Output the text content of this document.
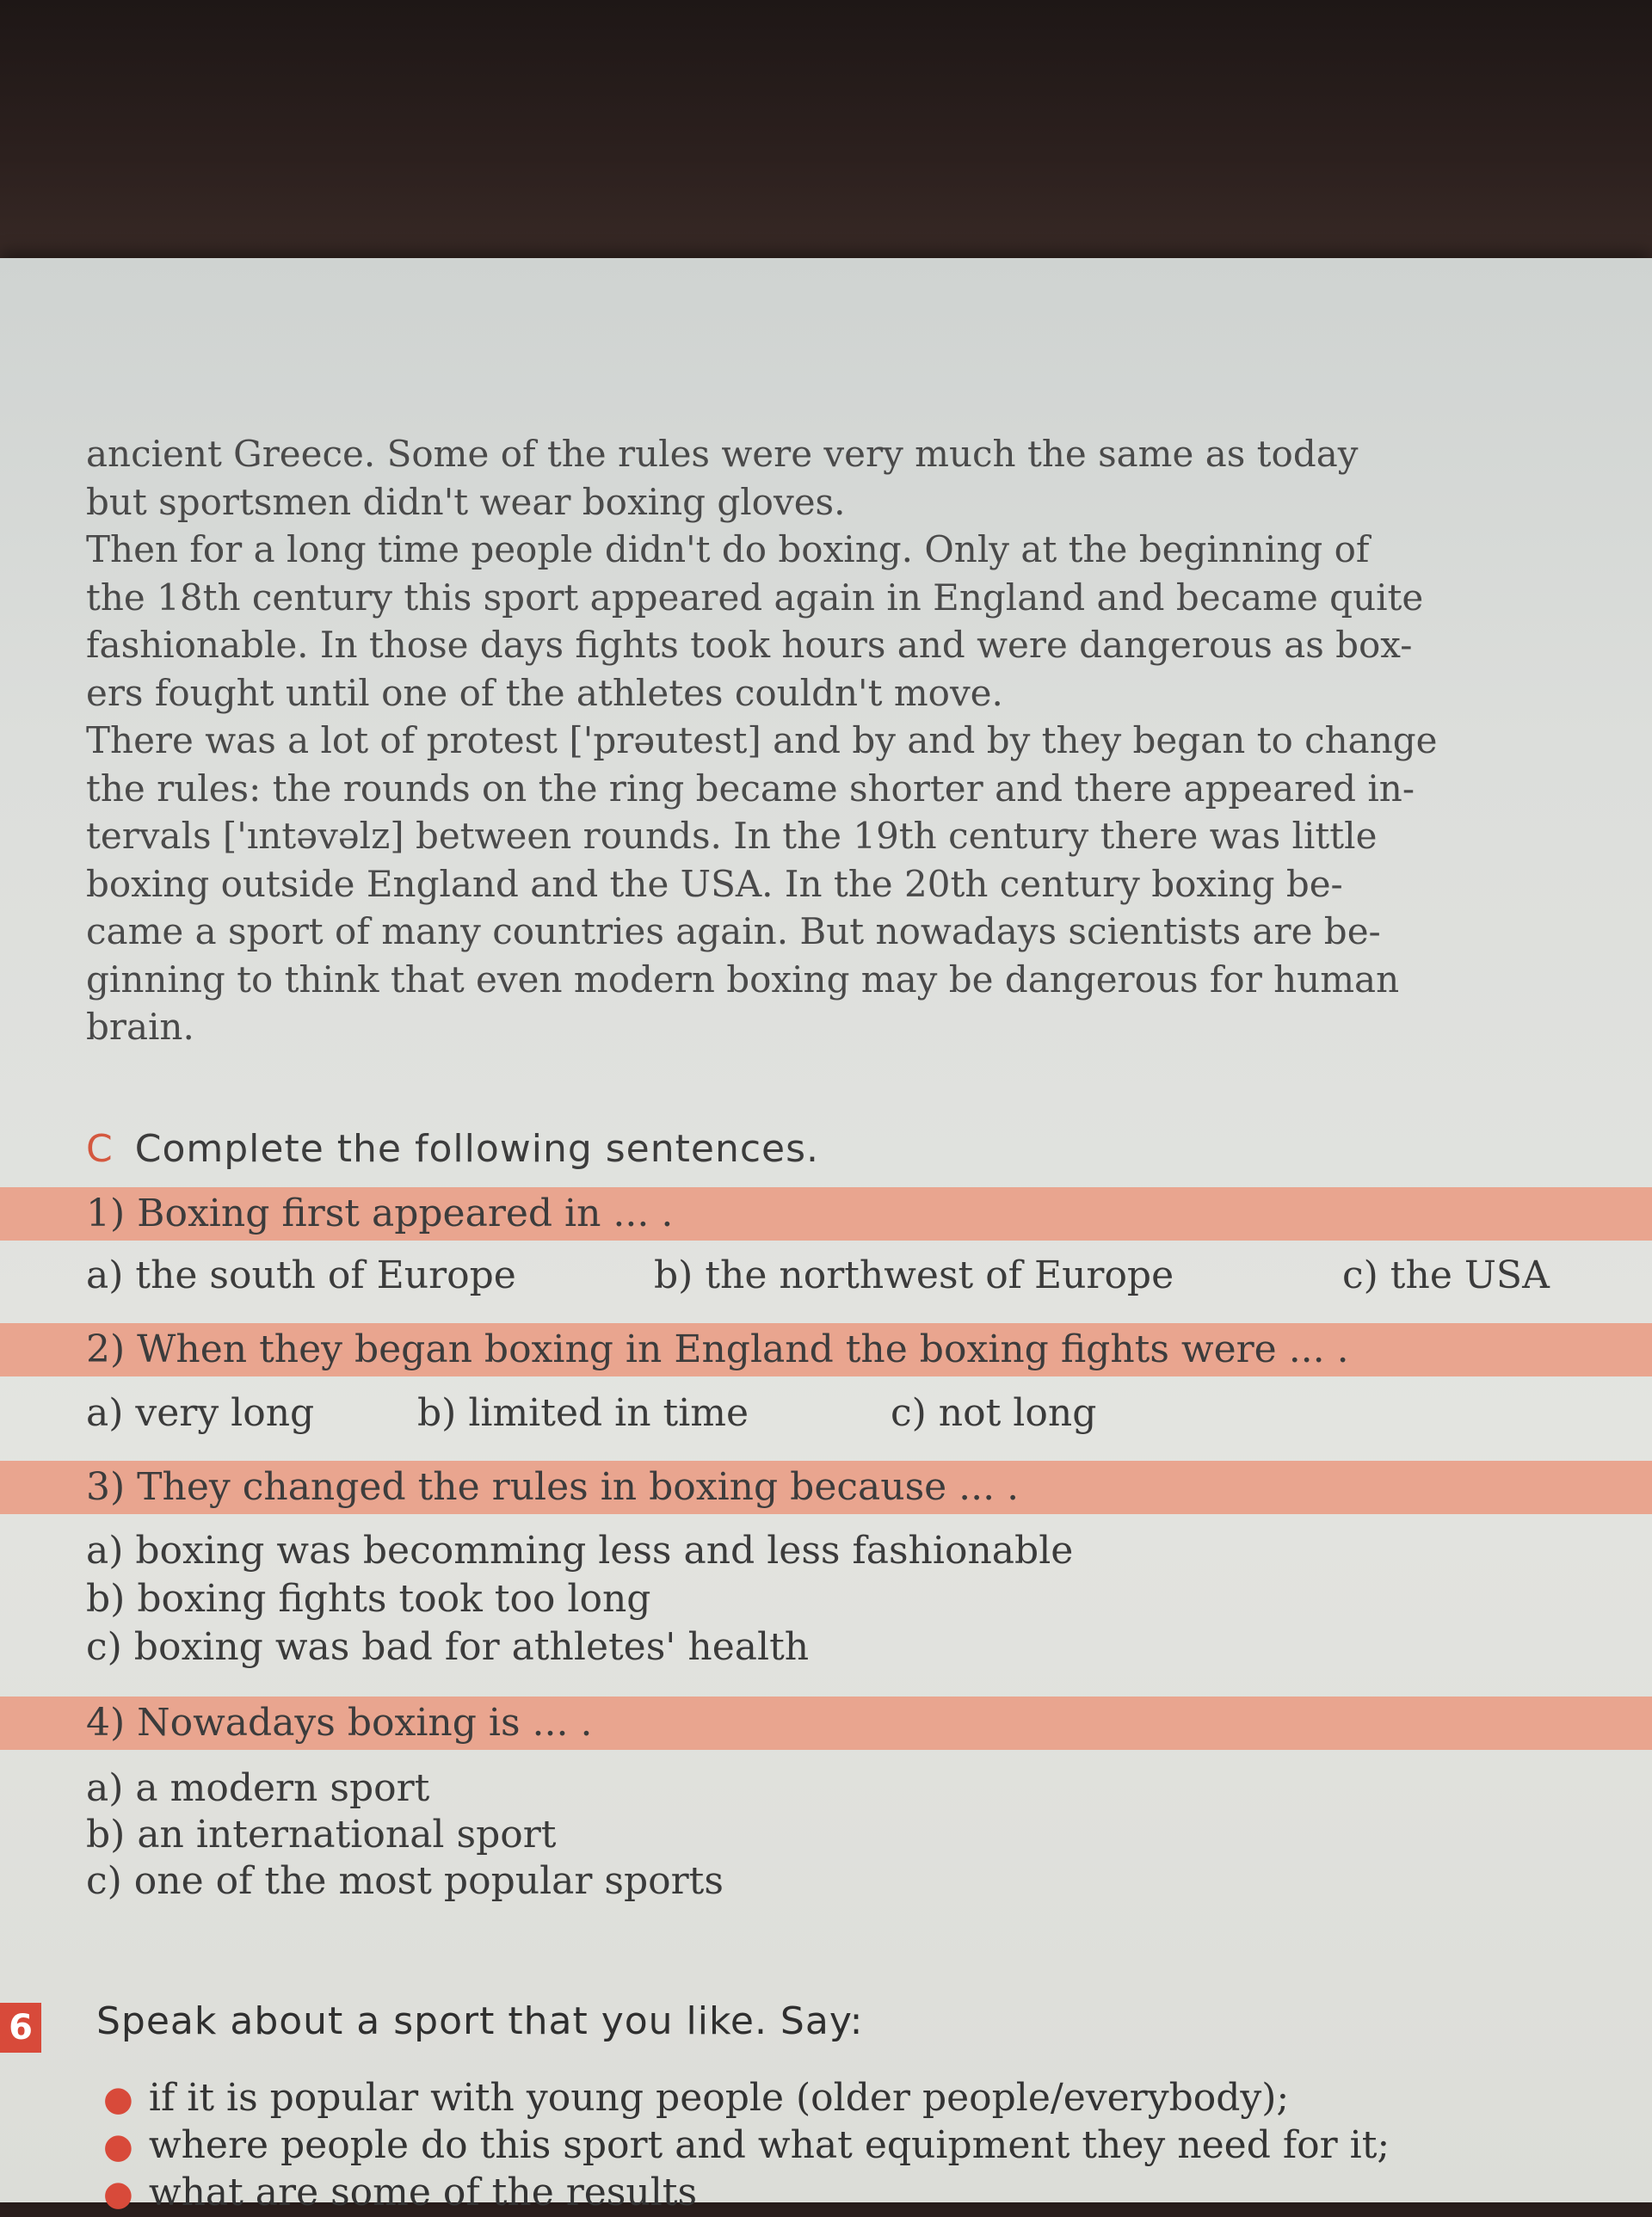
ancient Greece. Some of the rules were very much the same as today
but sportsmen didn't wear boxing gloves.
Then for a long time people didn't do boxing. Only at the beginning of
the 18th century this sport appeared again in England and became quite
fashionable. In those days fights took hours and were dangerous as box-
ers fought until one of the athletes couldn't move.
There was a lot of protest ['prəutest] and by and by they began to change
the rules: the rounds on the ring became shorter and there appeared in-
tervals ['ıntəvəlz] between rounds. In the 19th century there was little
boxing outside England and the USA. In the 20th century boxing be-
came a sport of many countries again. But nowadays scientists are be-
ginning to think that even modern boxing may be dangerous for human
brain.
C Complete the following sentences.
1) Boxing first appeared in ... .
a) the south of Europe	b) the northwest of Europe	c) the USA
2) When they began boxing in England the boxing fights were ... .
a) very long	b) limited in time	c) not long
3) They changed the rules in boxing because ... .
a) boxing was becomming less and less fashionable
b) boxing fights took too long
c) boxing was bad for athletes' health
4) Nowadays boxing is ... .
a) a modern sport
b) an international sport
c) one of the most popular sports
6 Speak about a sport that you like. Say:
● if it is popular with young people (older people/everybody);
● where people do this sport and what equipment they need for it;
● what are some of the results
